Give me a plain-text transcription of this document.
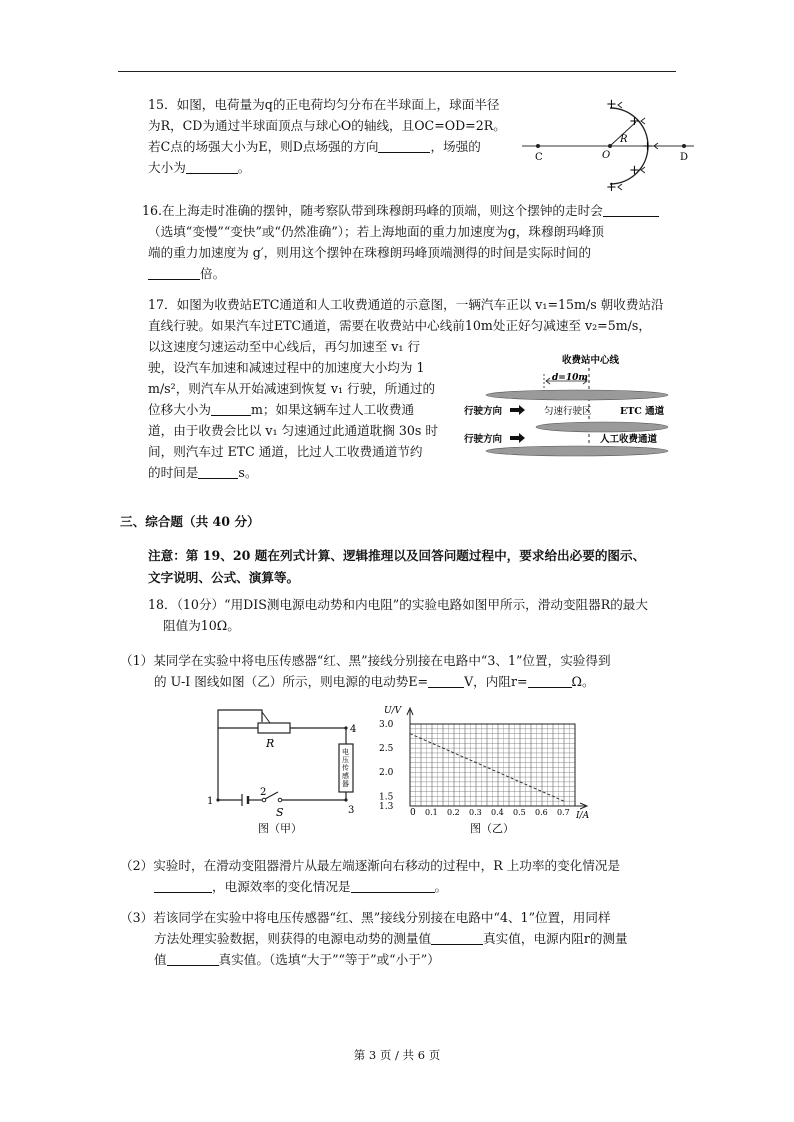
15．如图，电荷量为q的正电荷均匀分布在半球面上，球面半径
为R，CD为通过半球面顶点与球心O的轴线，且OC=OD=2R。
若C点的场强大小为E，则D点场强的方向	，场强的
大小为	。
C	O	D
R
+
+
+
+
+
16.在上海走时准确的摆钟，随考察队带到珠穆朗玛峰的顶端，则这个摆钟的走时会
（选填“变慢”“变快”或“仍然准确”）；若上海地面的重力加速度为g，珠穆朗玛峰顶
端的重力加速度为 g′，则用这个摆钟在珠穆朗玛峰顶端测得的时间是实际时间的
倍。
17．如图为收费站ETC通道和人工收费通道的示意图，一辆汽车正以 v₁=15m/s 朝收费站沿
直线行驶。如果汽车过ETC通道，需要在收费站中心线前10m处正好匀减速至 v₂=5m/s，
以这速度匀速运动至中心线后，再匀加速至 v₁ 行
驶，设汽车加速和减速过程中的加速度大小均为 1
m/s²，则汽车从开始减速到恢复 v₁ 行驶，所通过的
位移大小为	m；如果这辆车过人工收费通
道，由于收费会比以 v₁ 匀速通过此通道耽搁 30s 时
间，则汽车过 ETC 通道，比过人工收费通道节约
的时间是	s。
收费站中心线
d=10m
行驶方向	匀速行驶区	ETC 通道
行驶方向	人工收费通道
三、综合题（共 40 分）
注意：第 19、20 题在列式计算、逻辑推理以及回答问题过程中，要求给出必要的图示、
文字说明、公式、演算等。
18．（10分）“用DIS测电源电动势和内电阻”的实验电路如图甲所示，滑动变阻器R的最大
阻值为10Ω。
（1）某同学在实验中将电压传感器“红、黑”接线分别接在电路中“3、1”位置，实验得到
的 U-I 图线如图（乙）所示，则电源的电动势E=	V，内阻r=	Ω。
电压传感器
R
S
1
2
3
4
图（甲）
U/V
I/A
0
3.0
2.5
2.0
1.5
1.3
0.1 0.2 0.3 0.4 0.5 0.6 0.7
图（乙）
（2）实验时，在滑动变阻器滑片从最左端逐渐向右移动的过程中，R 上功率的变化情况是
，电源效率的变化情况是	。
（3）若该同学在实验中将电压传感器“红、黑”接线分别接在电路中“4、1”位置，用同样
方法处理实验数据，则获得的电源电动势的测量值	真实值，电源内阻r的测量
值	真实值。（选填“大于”“等于”或“小于”）
第 3 页 / 共 6 页
